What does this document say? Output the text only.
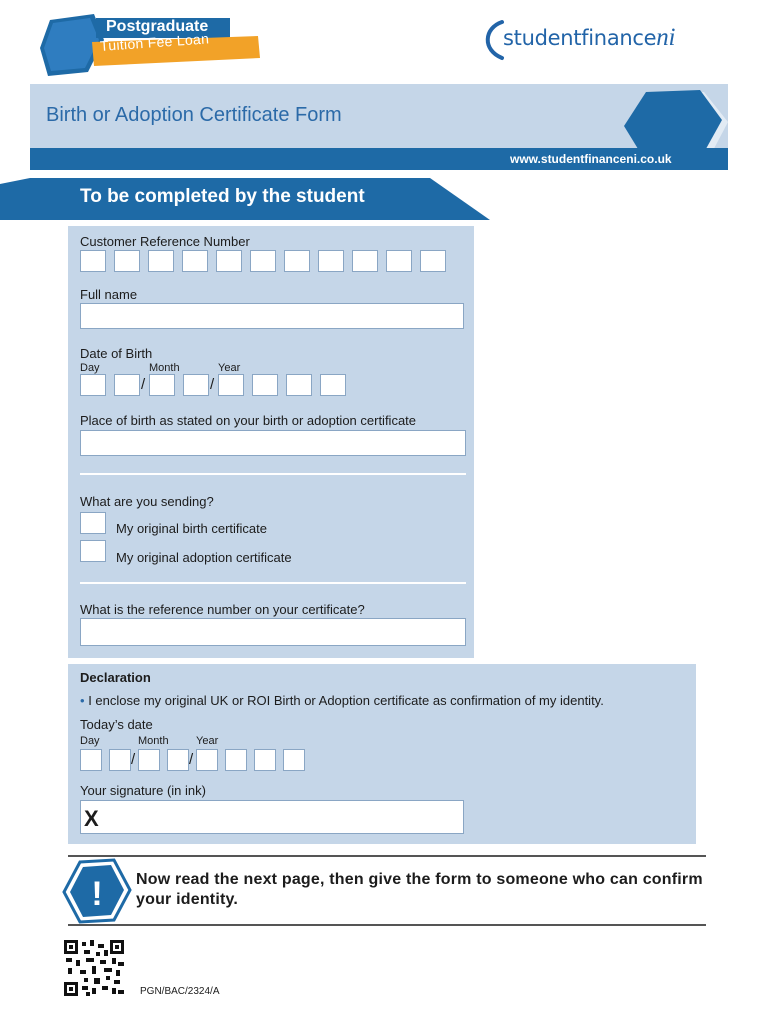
Postgraduate
Tuition Fee Loan	studentfinanceni
Birth or Adoption Certificate Form
www.studentfinanceni.co.uk
To be completed by the student
Customer Reference Number
Full name
Date of Birth
Day	Month	Year
/	/
Place of birth as stated on your birth or adoption certificate
What are you sending?
My original birth certificate
My original adoption certificate
What is the reference number on your certificate?
Declaration
• I enclose my original UK or ROI Birth or Adoption certificate as confirmation of my identity.
Today’s date
Day	Month Year
/	/
Your signature (in ink)
X
! Now read the next page, then give the form to someone who can confirm your identity.
PGN/BAC/2324/A
